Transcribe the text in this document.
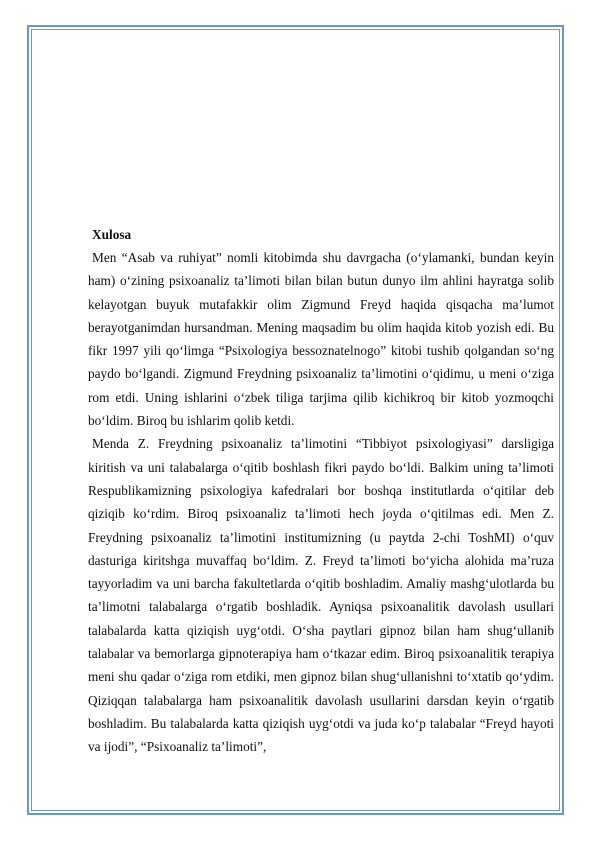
Xulosa

Men “Asab va ruhiyat” nomli kitobimda shu davrgacha (o‘ylamanki, bundan keyin ham) o‘zining psixoanaliz ta’limoti bilan bilan butun dunyo ilm ahlini hayratga solib kelayotgan buyuk mutafakkir olim Zigmund Freyd haqida qisqacha ma’lumot berayotganimdan hursandman. Mening maqsadim bu olim haqida kitob yozish edi. Bu fikr 1997 yili qo‘limga “Psixologiya bessoznatelnogo” kitobi tushib qolgandan so‘ng paydo bo‘lgandi. Zigmund Freydning psixoanaliz ta’limotini o‘qidimu, u meni o‘ziga rom etdi. Uning ishlarini o‘zbek tiliga tarjima qilib kichikroq bir kitob yozmoqchi bo‘ldim. Biroq bu ishlarim qolib ketdi.

Menda Z. Freydning psixoanaliz ta’limotini “Tibbiyot psixologiyasi” darsligiga kiritish va uni talabalarga o‘qitib boshlash fikri paydo bo‘ldi. Balkim uning ta’limoti Respublikamizning psixologiya kafedralari bor boshqa institutlarda o‘qitilar deb qiziqib ko‘rdim. Biroq psixoanaliz ta’limoti hech joyda o‘qitilmas edi. Men Z. Freydning psixoanaliz ta’limotini institumizning (u paytda 2-chi ToshMI) o‘quv dasturiga kiritshga muvaffaq bo‘ldim. Z. Freyd ta’limoti bo‘yicha alohida ma’ruza tayyorladim va uni barcha fakultetlarda o‘qitib boshladim. Amaliy mashg‘ulotlarda bu ta’limotni talabalarga o‘rgatib boshladik. Ayniqsa psixoanalitik davolash usullari talabalarda katta qiziqish uyg‘otdi. O‘sha paytlari gipnoz bilan ham shug‘ullanib talabalar va bemorlarga gipnoterapiya ham o‘tkazar edim. Biroq psixoanalitik terapiya meni shu qadar o‘ziga rom etdiki, men gipnoz bilan shug‘ullanishni to‘xtatib qo‘ydim. Qiziqqan talabalarga ham psixoanalitik davolash usullarini darsdan keyin o‘rgatib boshladim. Bu talabalarda katta qiziqish uyg‘otdi va juda ko‘p talabalar “Freyd hayoti va ijodi”, “Psixoanaliz ta’limoti”,
